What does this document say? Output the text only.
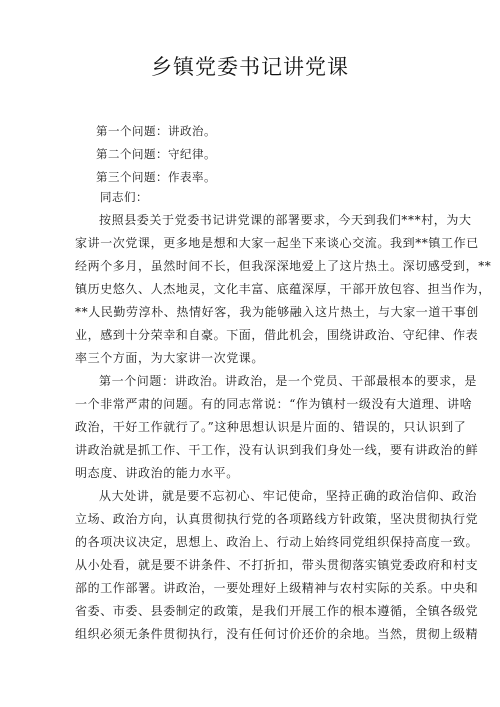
乡镇党委书记讲党课
第一个问题：讲政治。
第二个问题：守纪律。
第三个问题：作表率。
同志们：
按照县委关于党委书记讲党课的部署要求，今天到我们***村，为大
家讲一次党课，更多地是想和大家一起坐下来谈心交流。我到**镇工作已
经两个多月，虽然时间不长，但我深深地爱上了这片热土。深切感受到，**
镇历史悠久、人杰地灵，文化丰富、底蕴深厚，干部开放包容、担当作为，
**人民勤劳淳朴、热情好客，我为能够融入这片热土，与大家一道干事创
业，感到十分荣幸和自豪。下面，借此机会，围绕讲政治、守纪律、作表
率三个方面，为大家讲一次党课。
第一个问题：讲政治。讲政治，是一个党员、干部最根本的要求，是
一个非常严肃的问题。有的同志常说：“作为镇村一级没有大道理、讲啥
政治，干好工作就行了。”这种思想认识是片面的、错误的，只认识到了
讲政治就是抓工作、干工作，没有认识到我们身处一线，要有讲政治的鲜
明态度、讲政治的能力水平。
从大处讲，就是要不忘初心、牢记使命，坚持正确的政治信仰、政治
立场、政治方向，认真贯彻执行党的各项路线方针政策，坚决贯彻执行党
的各项决议决定，思想上、政治上、行动上始终同党组织保持高度一致。
从小处看，就是要不讲条件、不打折扣，带头贯彻落实镇党委政府和村支
部的工作部署。讲政治，一要处理好上级精神与农村实际的关系。中央和
省委、市委、县委制定的政策，是我们开展工作的根本遵循，全镇各级党
组织必须无条件贯彻执行，没有任何讨价还价的余地。当然，贯彻上级精
